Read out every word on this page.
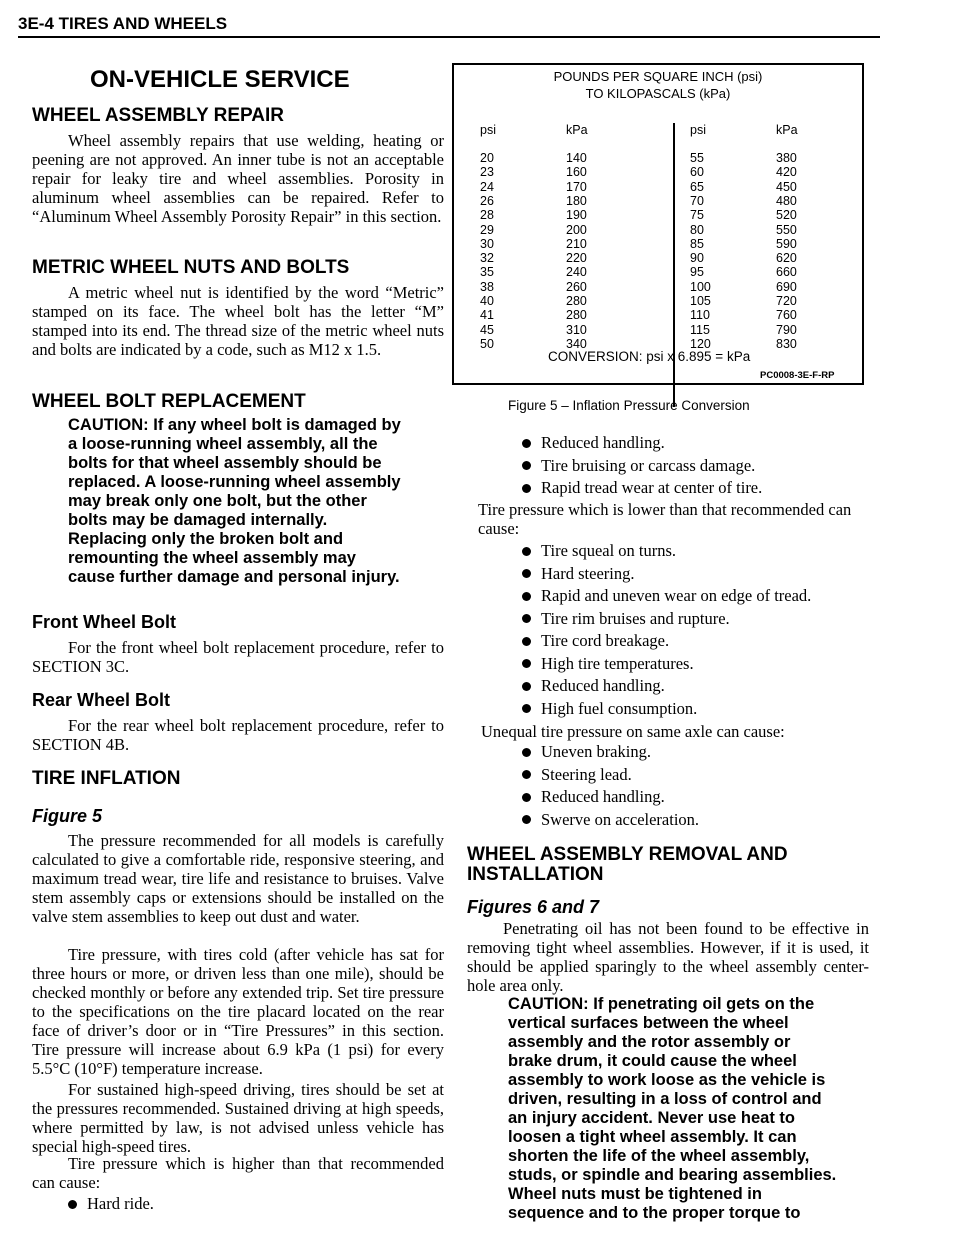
3E-4 TIRES AND WHEELS
ON-VEHICLE SERVICE
WHEEL ASSEMBLY REPAIR

Wheel assembly repairs that use welding, heating or peening are not approved. An inner tube is not an acceptable repair for leaky tire and wheel assemblies. Porosity in aluminum wheel assemblies can be repaired. Refer to “Aluminum Wheel Assembly Porosity Repair” in this section.

METRIC WHEEL NUTS AND BOLTS

A metric wheel nut is identified by the word “Metric” stamped on its face. The wheel bolt has the letter “M” stamped into its end. The thread size of the metric wheel nuts and bolts are indicated by a code, such as M12 x 1.5.

WHEEL BOLT REPLACEMENT

CAUTION: If any wheel bolt is damaged by a loose-running wheel assembly, all the bolts for that wheel assembly should be replaced. A loose-running wheel assembly may break only one bolt, but the other bolts may be damaged internally. Replacing only the broken bolt and remounting the wheel assembly may cause further damage and personal injury.

Front Wheel Bolt

For the front wheel bolt replacement procedure, refer to SECTION 3C.

Rear Wheel Bolt

For the rear wheel bolt replacement procedure, refer to SECTION 4B.

TIRE INFLATION
Figure 5

The pressure recommended for all models is carefully calculated to give a comfortable ride, responsive steering, and maximum tread wear, tire life and resistance to bruises. Valve stem assembly caps or extensions should be installed on the valve stem assemblies to keep out dust and water.

Tire pressure, with tires cold (after vehicle has sat for three hours or more, or driven less than one mile), should be checked monthly or before any extended trip. Set tire pressure to the specifications on the tire placard located on the rear face of driver’s door or in “Tire Pressures” in this section. Tire pressure will increase about 6.9 kPa (1 psi) for every 5.5°C (10°F) temperature increase.

For sustained high-speed driving, tires should be set at the pressures recommended. Sustained driving at high speeds, where permitted by law, is not advised unless vehicle has special high-speed tires.

Tire pressure which is higher than that recommended can cause:

Hard ride.
POUNDS PER SQUARE INCH (psi)
TO KILOPASCALS (kPa)
psi	kPa	psi	kPa
20	140	55	380
23	160	60	420
24	170	65	450
26	180	70	480
28	190	75	520
29	200	80	550
30	210	85	590
32	220	90	620
35	240	95	660
38	260	100	690
40	280	105	720
41	280	110	760
45	310	115	790
50	340	120	830
CONVERSION: psi x 6.895 = kPa
PC0008-3E-F-RP
Figure 5 – Inflation Pressure Conversion
Reduced handling.
Tire bruising or carcass damage.
Rapid tread wear at center of tire.

Tire pressure which is lower than that recommended can cause:

Tire squeal on turns.
Hard steering.
Rapid and uneven wear on edge of tread.
Tire rim bruises and rupture.
Tire cord breakage.
High tire temperatures.
Reduced handling.
High fuel consumption.

Unequal tire pressure on same axle can cause:

Uneven braking.
Steering lead.
Reduced handling.
Swerve on acceleration.
WHEEL ASSEMBLY REMOVAL AND
INSTALLATION
Figures 6 and 7

Penetrating oil has not been found to be effective in removing tight wheel assemblies. However, if it is used, it should be applied sparingly to the wheel assembly center-hole area only.

CAUTION: If penetrating oil gets on the vertical surfaces between the wheel assembly and the rotor assembly or brake drum, it could cause the wheel assembly to work loose as the vehicle is driven, resulting in a loss of control and an injury accident. Never use heat to loosen a tight wheel assembly. It can shorten the life of the wheel assembly, studs, or spindle and bearing assemblies. Wheel nuts must be tightened in sequence and to the proper torque to
